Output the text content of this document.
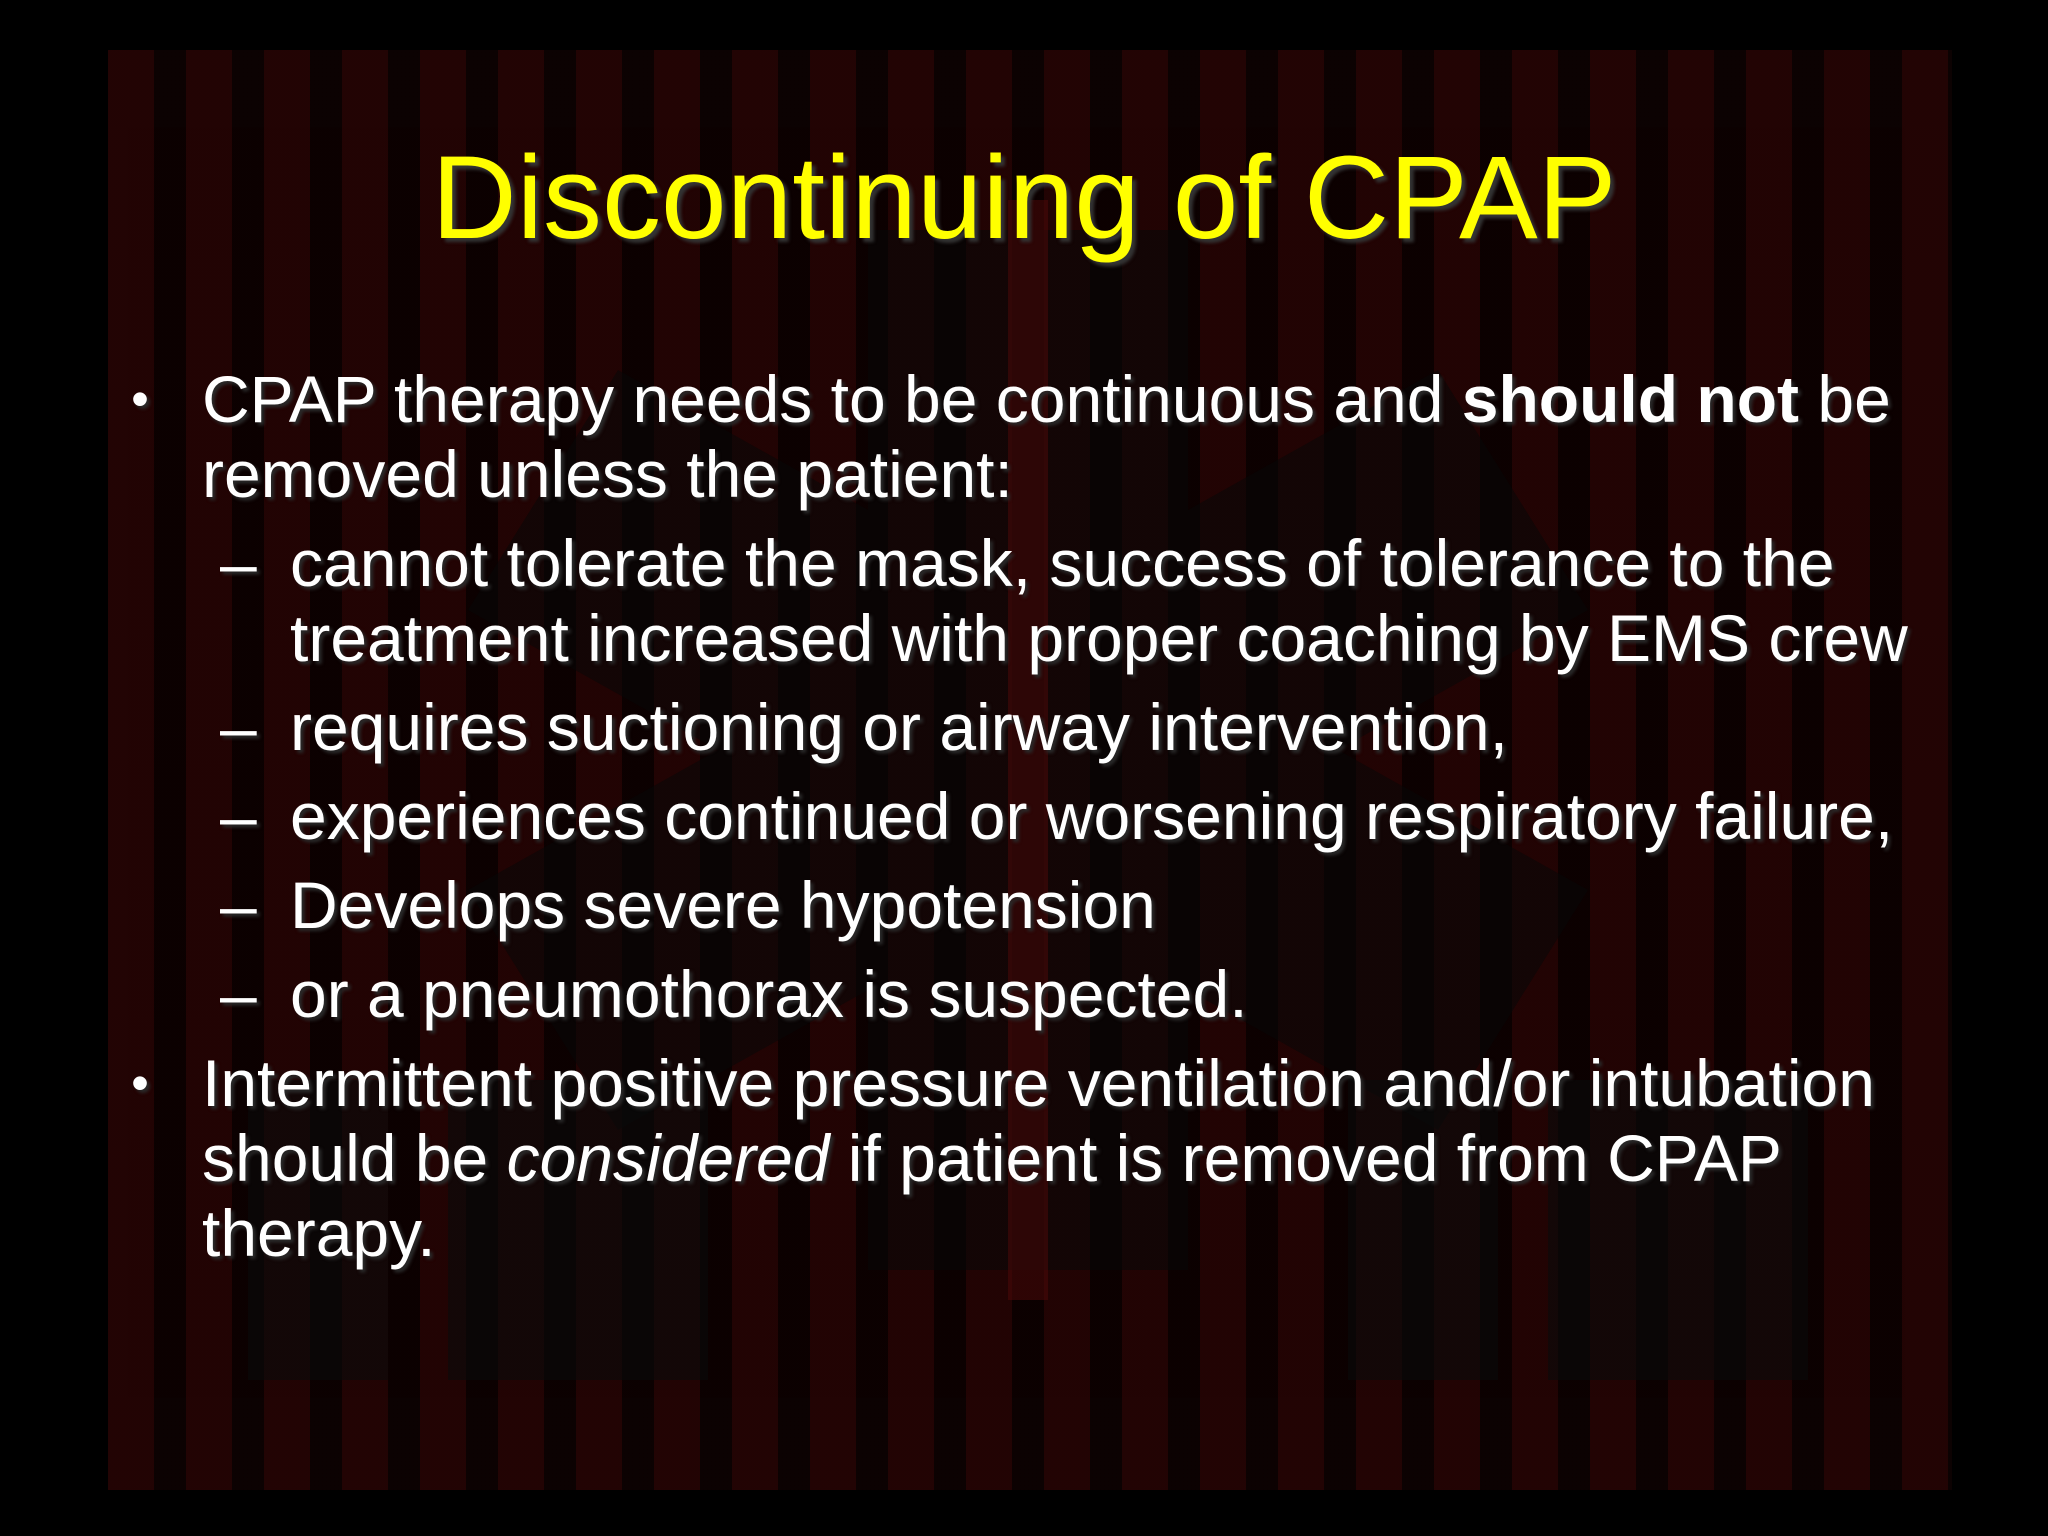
Discontinuing of CPAP
• CPAP therapy needs to be continuous and should not be removed unless the patient:
– cannot tolerate the mask, success of tolerance to the treatment increased with proper coaching by EMS crew
– requires suctioning or airway intervention,
– experiences continued or worsening respiratory failure,
– Develops severe hypotension
– or a pneumothorax is suspected.
• Intermittent positive pressure ventilation and/or intubation should be considered if patient is removed from CPAP therapy.
